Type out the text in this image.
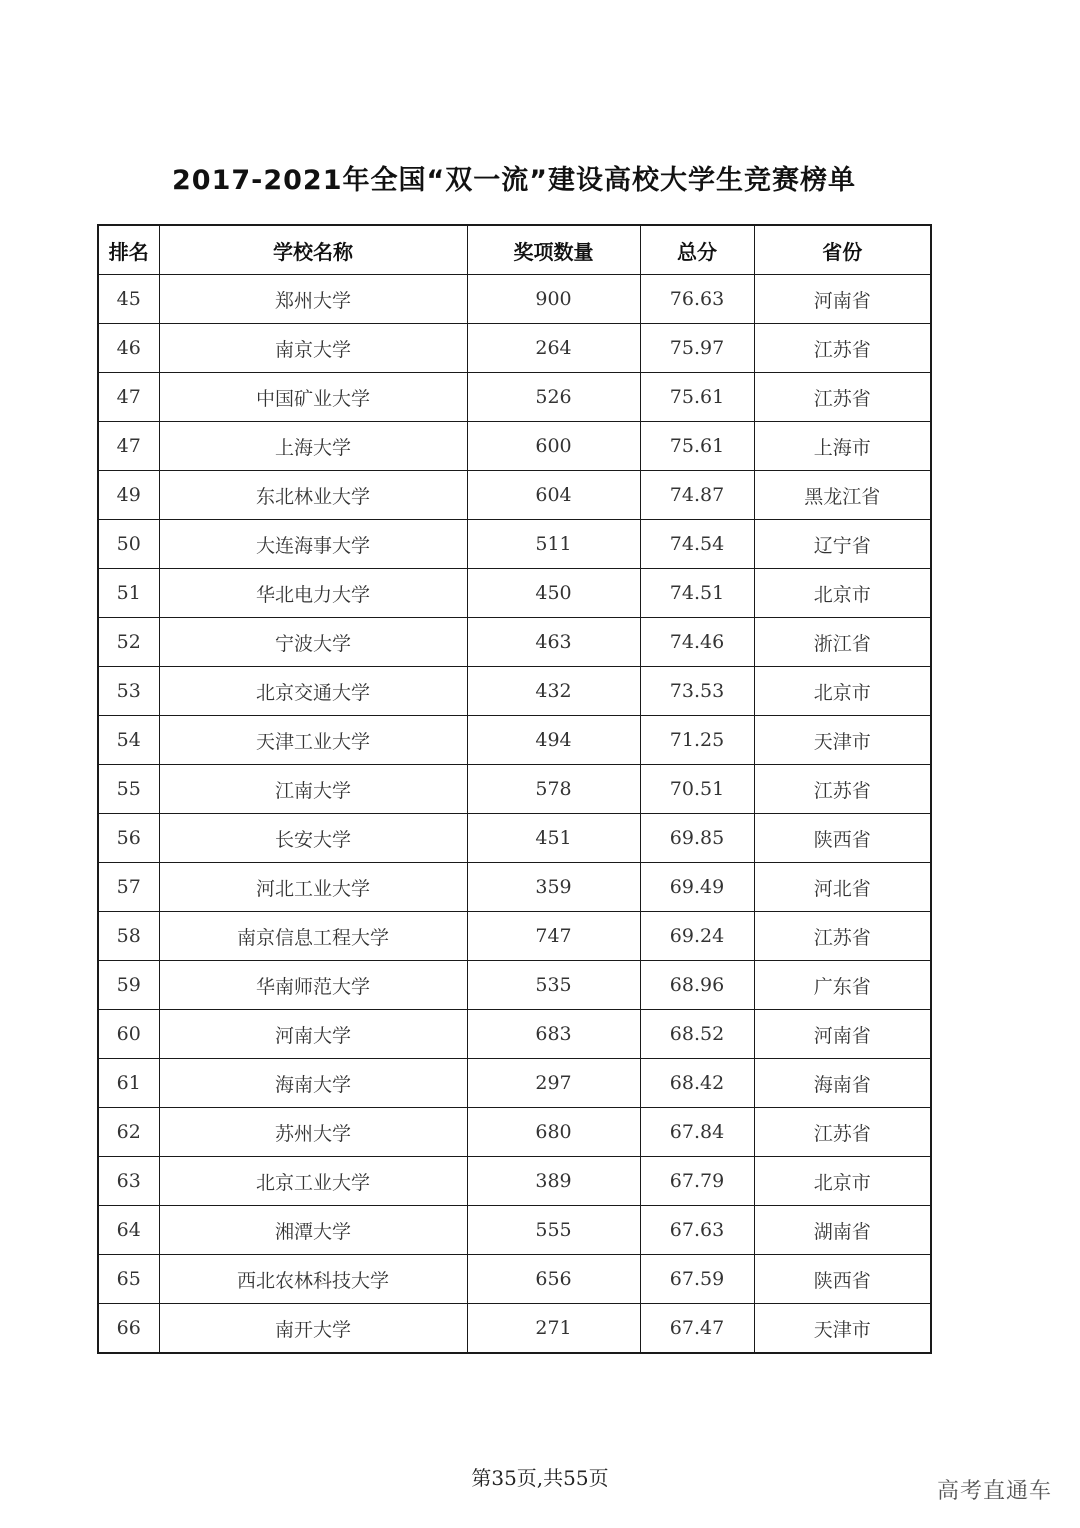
2017-2021年全国“双一流”建设高校大学生竞赛榜单
排名	学校名称	奖项数量	总分	省份
45	郑州大学	900	76.63	河南省
46	南京大学	264	75.97	江苏省
47	中国矿业大学	526	75.61	江苏省
47	上海大学	600	75.61	上海市
49	东北林业大学	604	74.87	黑龙江省
50	大连海事大学	511	74.54	辽宁省
51	华北电力大学	450	74.51	北京市
52	宁波大学	463	74.46	浙江省
53	北京交通大学	432	73.53	北京市
54	天津工业大学	494	71.25	天津市
55	江南大学	578	70.51	江苏省
56	长安大学	451	69.85	陕西省
57	河北工业大学	359	69.49	河北省
58	南京信息工程大学	747	69.24	江苏省
59	华南师范大学	535	68.96	广东省
60	河南大学	683	68.52	河南省
61	海南大学	297	68.42	海南省
62	苏州大学	680	67.84	江苏省
63	北京工业大学	389	67.79	北京市
64	湘潭大学	555	67.63	湖南省
65	西北农林科技大学	656	67.59	陕西省
66	南开大学	271	67.47	天津市
第35页,共55页
高考直通车
